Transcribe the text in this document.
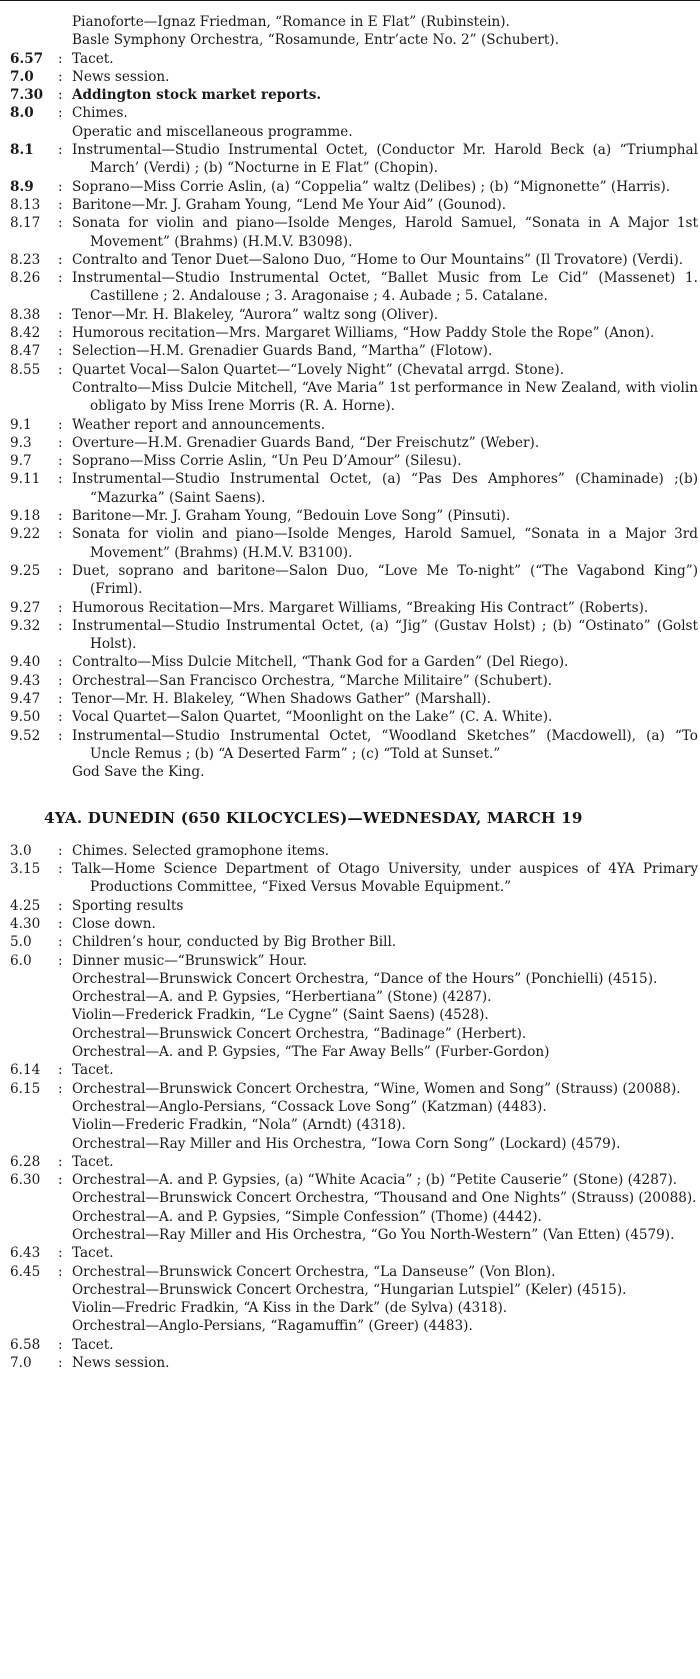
Pianoforte—Ignaz Friedman, “Romance in E Flat” (Rubinstein).
Basle Symphony Orchestra, “Rosamunde, Entr’acte No. 2” (Schubert).
6.57	: Tacet.
7.0	: News session.
7.30	: Addington stock market reports.
8.0	: Chimes.
Operatic and miscellaneous programme.
8.1	: Instrumental—Studio Instrumental Octet, (Conductor Mr. Harold Beck (a) “Triumphal March’ (Verdi) ; (b) “Nocturne in E Flat” (Chopin).
8.9	: Soprano—Miss Corrie Aslin, (a) “Coppelia” waltz (Delibes) ; (b) “Mignonette” (Harris).
8.13	: Baritone—Mr. J. Graham Young, “Lend Me Your Aid” (Gounod).
8.17	: Sonata for violin and piano—Isolde Menges, Harold Samuel, “Sonata in A Major 1st Movement” (Brahms) (H.M.V. B3098).
8.23	: Contralto and Tenor Duet—Salono Duo, “Home to Our Mountains” (Il Trovatore) (Verdi).
8.26	: Instrumental—Studio Instrumental Octet, “Ballet Music from Le Cid” (Massenet) 1. Castillene ; 2. Andalouse ; 3. Aragonaise ; 4. Aubade ; 5. Catalane.
8.38	: Tenor—Mr. H. Blakeley, “Aurora” waltz song (Oliver).
8.42	: Humorous recitation—Mrs. Margaret Williams, “How Paddy Stole the Rope” (Anon).
8.47	: Selection—H.M. Grenadier Guards Band, “Martha” (Flotow).
8.55	: Quartet Vocal—Salon Quartet—“Lovely Night” (Chevatal arrgd. Stone).
Contralto—Miss Dulcie Mitchell, “Ave Maria” 1st performance in New Zealand, with violin obligato by Miss Irene Morris (R. A. Horne).
9.1	: Weather report and announcements.
9.3	: Overture—H.M. Grenadier Guards Band, “Der Freischutz” (Weber).
9.7	: Soprano—Miss Corrie Aslin, “Un Peu D’Amour” (Silesu).
9.11	: Instrumental—Studio Instrumental Octet, (a) “Pas Des Amphores” (Chaminade) ;(b) “Mazurka” (Saint Saens).
9.18	: Baritone—Mr. J. Graham Young, “Bedouin Love Song” (Pinsuti).
9.22	: Sonata for violin and piano—Isolde Menges, Harold Samuel, “Sonata in a Major 3rd Movement” (Brahms) (H.M.V. B3100).
9.25	: Duet, soprano and baritone—Salon Duo, “Love Me To-night” (“The Vagabond King”) (Friml).
9.27	: Humorous Recitation—Mrs. Margaret Williams, “Breaking His Contract” (Roberts).
9.32	: Instrumental—Studio Instrumental Octet, (a) “Jig” (Gustav Holst) ; (b) “Ostinato” (Golst Holst).
9.40	: Contralto—Miss Dulcie Mitchell, “Thank God for a Garden” (Del Riego).
9.43	: Orchestral—San Francisco Orchestra, “Marche Militaire” (Schubert).
9.47	: Tenor—Mr. H. Blakeley, “When Shadows Gather” (Marshall).
9.50	: Vocal Quartet—Salon Quartet, “Moonlight on the Lake” (C. A. White).
9.52	: Instrumental—Studio Instrumental Octet, “Woodland Sketches” (Macdowell), (a) “To Uncle Remus ; (b) “A Deserted Farm” ; (c) “Told at Sunset.”
God Save the King.
4YA. DUNEDIN (650 KILOCYCLES)—WEDNESDAY, MARCH 19
3.0	: Chimes. Selected gramophone items.
3.15	: Talk—Home Science Department of Otago University, under auspices of 4YA Primary Productions Committee, “Fixed Versus Movable Equipment.”
4.25	: Sporting results
4.30	: Close down.
5.0	: Children’s hour, conducted by Big Brother Bill.
6.0	: Dinner music—“Brunswick” Hour.
Orchestral—Brunswick Concert Orchestra, “Dance of the Hours” (Ponchielli) (4515).
Orchestral—A. and P. Gypsies, “Herbertiana” (Stone) (4287).
Violin—Frederick Fradkin, “Le Cygne” (Saint Saens) (4528).
Orchestral—Brunswick Concert Orchestra, “Badinage” (Herbert).
Orchestral—A. and P. Gypsies, “The Far Away Bells” (Furber-Gordon)
6.14	: Tacet.
6.15	: Orchestral—Brunswick Concert Orchestra, “Wine, Women and Song” (Strauss) (20088).
Orchestral—Anglo-Persians, “Cossack Love Song” (Katzman) (4483).
Violin—Frederic Fradkin, “Nola” (Arndt) (4318).
Orchestral—Ray Miller and His Orchestra, “Iowa Corn Song” (Lockard) (4579).
6.28	: Tacet.
6.30	: Orchestral—A. and P. Gypsies, (a) “White Acacia” ; (b) “Petite Causerie” (Stone) (4287).
Orchestral—Brunswick Concert Orchestra, “Thousand and One Nights” (Strauss) (20088).
Orchestral—A. and P. Gypsies, “Simple Confession” (Thome) (4442).
Orchestral—Ray Miller and His Orchestra, “Go You North-Western” (Van Etten) (4579).
6.43	: Tacet.
6.45	: Orchestral—Brunswick Concert Orchestra, “La Danseuse” (Von Blon).
Orchestral—Brunswick Concert Orchestra, “Hungarian Lutspiel” (Keler) (4515).
Violin—Fredric Fradkin, “A Kiss in the Dark” (de Sylva) (4318).
Orchestral—Anglo-Persians, “Ragamuffin” (Greer) (4483).
6.58	: Tacet.
7.0	: News session.
